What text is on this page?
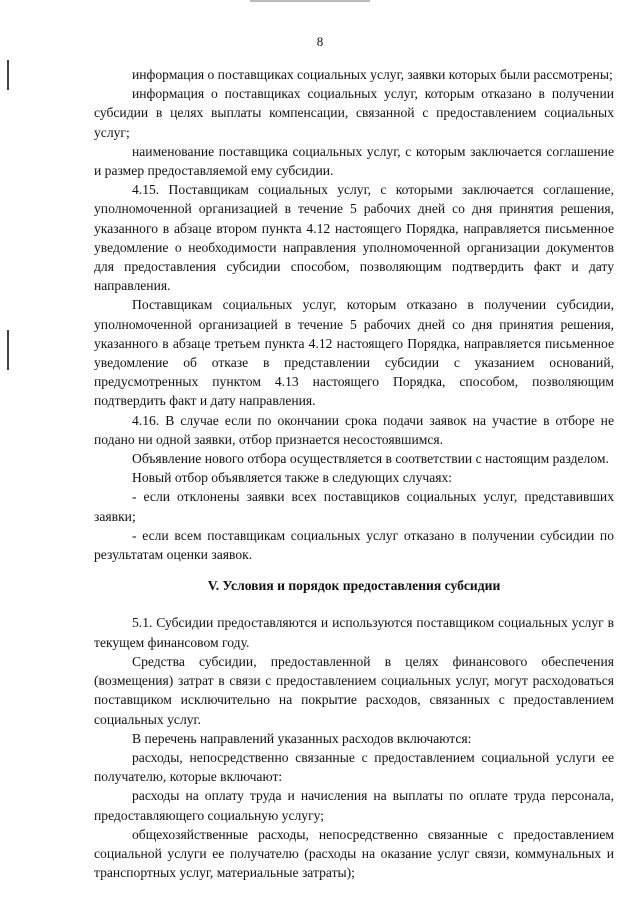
8

информация о поставщиках социальных услуг, заявки которых были рассмотрены;

информация о поставщиках социальных услуг, которым отказано в получении субсидии в целях выплаты компенсации, связанной с предоставлением социальных услуг;

наименование поставщика социальных услуг, с которым заключается соглашение и размер предоставляемой ему субсидии.

4.15. Поставщикам социальных услуг, с которыми заключается соглашение, уполномоченной организацией в течение 5 рабочих дней со дня принятия решения, указанного в абзаце втором пункта 4.12 настоящего Порядка, направляется письменное уведомление о необходимости направления уполномоченной организации документов для предоставления субсидии способом, позволяющим подтвердить факт и дату направления.

Поставщикам социальных услуг, которым отказано в получении субсидии, уполномоченной организацией в течение 5 рабочих дней со дня принятия решения, указанного в абзаце третьем пункта 4.12 настоящего Порядка, направляется письменное уведомление об отказе в представлении субсидии с указанием оснований, предусмотренных пунктом 4.13 настоящего Порядка, способом, позволяющим подтвердить факт и дату направления.

4.16. В случае если по окончании срока подачи заявок на участие в отборе не подано ни одной заявки, отбор признается несостоявшимся.

Объявление нового отбора осуществляется в соответствии с настоящим разделом.

Новый отбор объявляется также в следующих случаях:

- если отклонены заявки всех поставщиков социальных услуг, представивших заявки;

- если всем поставщикам социальных услуг отказано в получении субсидии по результатам оценки заявок.

V. Условия и порядок предоставления субсидии

5.1. Субсидии предоставляются и используются поставщиком социальных услуг в текущем финансовом году.

Средства субсидии, предоставленной в целях финансового обеспечения (возмещения) затрат в связи с предоставлением социальных услуг, могут расходоваться поставщиком исключительно на покрытие расходов, связанных с предоставлением социальных услуг.

В перечень направлений указанных расходов включаются:

расходы, непосредственно связанные с предоставлением социальной услуги ее получателю, которые включают:

расходы на оплату труда и начисления на выплаты по оплате труда персонала, предоставляющего социальную услугу;

общехозяйственные расходы, непосредственно связанные с предоставлением социальной услуги ее получателю (расходы на оказание услуг связи, коммунальных и транспортных услуг, материальные затраты);
